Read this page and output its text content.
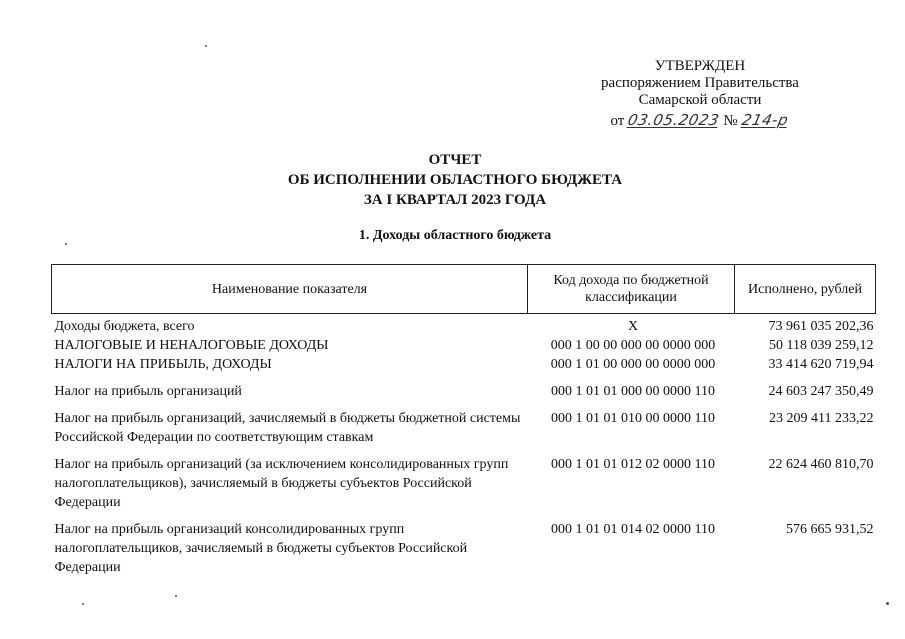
УТВЕРЖДЕН
распоряжением Правительства
Самарской области
от 03.05.2023 № 214-р
ОТЧЕТ
ОБ ИСПОЛНЕНИИ ОБЛАСТНОГО БЮДЖЕТА
ЗА I КВАРТАЛ 2023 ГОДА
1. Доходы областного бюджета
Наименование показателя	Код дохода по бюджетной классификации	Исполнено, рублей
Доходы бюджета, всего	X	73 961 035 202,36
НАЛОГОВЫЕ И НЕНАЛОГОВЫЕ ДОХОДЫ	000 1 00 00 000 00 0000 000	50 118 039 259,12
НАЛОГИ НА ПРИБЫЛЬ, ДОХОДЫ	000 1 01 00 000 00 0000 000	33 414 620 719,94
Налог на прибыль организаций	000 1 01 01 000 00 0000 110	24 603 247 350,49
Налог на прибыль организаций, зачисляемый в бюджеты бюджетной системы Российской Федерации по соответствующим ставкам	000 1 01 01 010 00 0000 110	23 209 411 233,22
Налог на прибыль организаций (за исключением консолидированных групп налогоплательщиков), зачисляемый в бюджеты субъектов Российской Федерации	000 1 01 01 012 02 0000 110	22 624 460 810,70
Налог на прибыль организаций консолидированных групп налогоплательщиков, зачисляемый в бюджеты субъектов Российской Федерации	000 1 01 01 014 02 0000 110	576 665 931,52
